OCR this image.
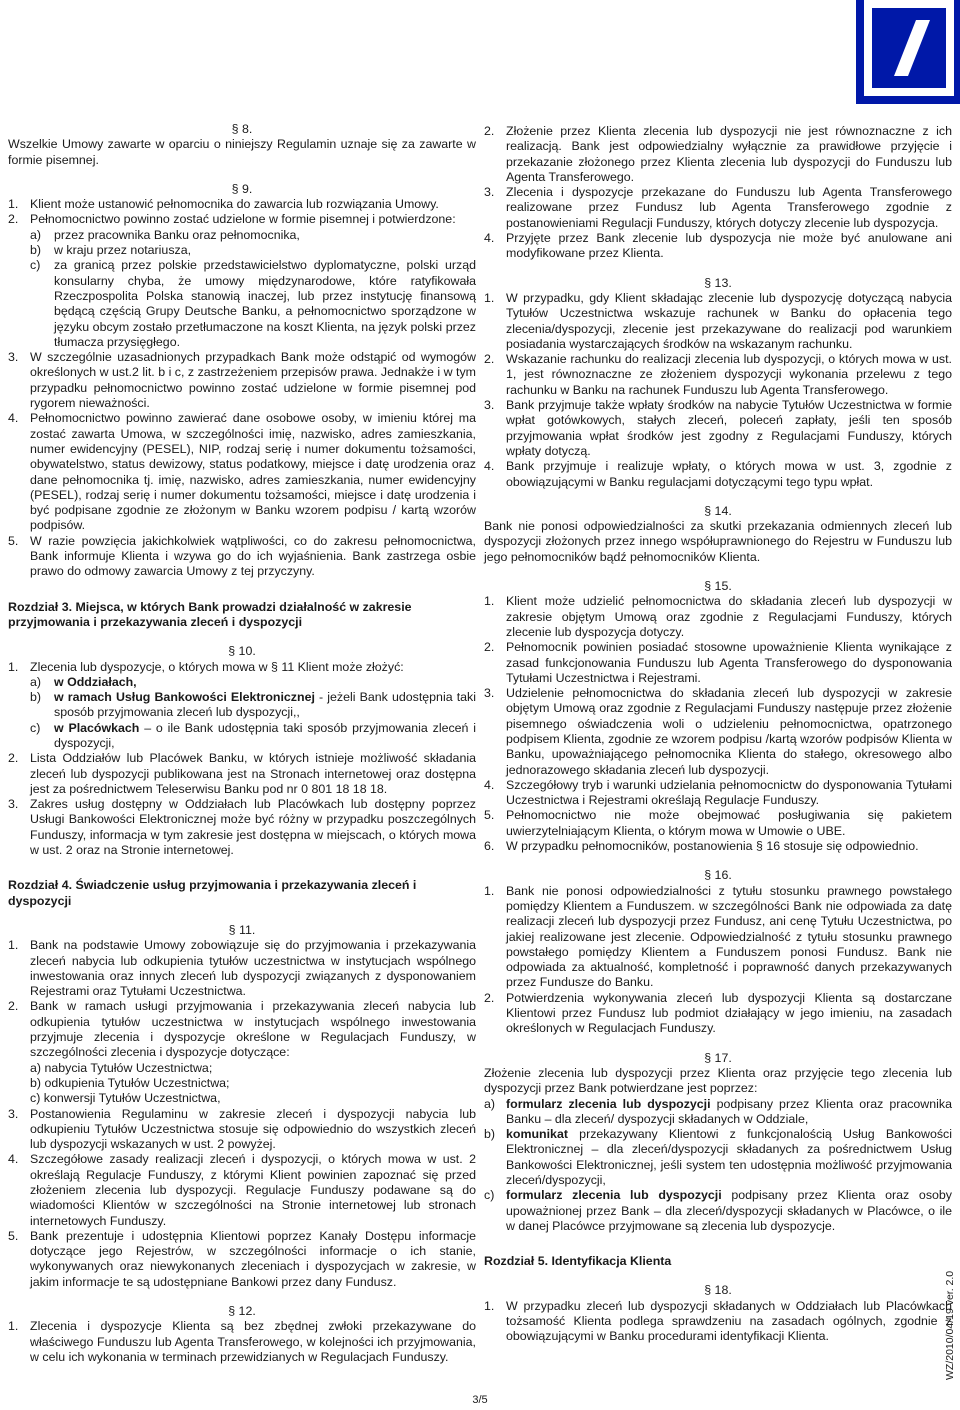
§ 8.

Wszelkie Umowy zawarte w oparciu o niniejszy Regulamin uznaje się za zawarte w formie pisemnej.

§ 9.

1. Klient może ustanowić pełnomocnika do zawarcia lub rozwiązania Umowy.

2. Pełnomocnictwo powinno zostać udzielone w formie pisemnej i potwierdzone:

a) przez pracownika Banku oraz pełnomocnika,

b) w kraju przez notariusza,

c) za granicą przez polskie przedstawicielstwo dyplomatyczne, polski urząd konsularny chyba, że umowy międzynarodowe, które ratyfikowała Rzeczpospolita Polska stanowią inaczej, lub przez instytucję finansową będącą częścią Grupy Deutsche Banku, a pełnomocnictwo sporządzone w języku obcym zostało przetłumaczone na koszt Klienta, na język polski przez tłumacza przysięgłego.

3. W szczególnie uzasadnionych przypadkach Bank może odstąpić od wymogów określonych w ust.2 lit. b i c, z zastrzeżeniem przepisów prawa. Jednakże i w tym przypadku pełnomocnictwo powinno zostać udzielone w formie pisemnej pod rygorem nieważności.

4. Pełnomocnictwo powinno zawierać dane osobowe osoby, w imieniu której ma zostać zawarta Umowa, w szczególności imię, nazwisko, adres zamieszkania, numer ewidencyjny (PESEL), NIP, rodzaj serię i numer dokumentu tożsamości, obywatelstwo, status dewizowy, status podatkowy, miejsce i datę urodzenia oraz dane pełnomocnika tj. imię, nazwisko, adres zamieszkania, numer ewidencyjny (PESEL), rodzaj serię i numer dokumentu tożsamości, miejsce i datę urodzenia i być podpisane zgodnie ze złożonym w Banku wzorem podpisu / kartą wzorów podpisów.

5. W razie powzięcia jakichkolwiek wątpliwości, co do zakresu pełnomocnictwa, Bank informuje Klienta i wzywa go do ich wyjaśnienia. Bank zastrzega osbie prawo do odmowy zawarcia Umowy z tej przyczyny.

Rozdział 3. Miejsca, w których Bank prowadzi działalność w zakresie przyjmowania i przekazywania zleceń i dyspozycji

§ 10.

1. Zlecenia lub dyspozycje, o których mowa w § 11 Klient może złożyć:

a) w Oddziałach,

b) w ramach Usług Bankowości Elektronicznej - jeżeli Bank udostępnia taki sposób przyjmowania zleceń lub dyspozycji,,

c) w Placówkach – o ile Bank udostępnia taki sposób przyjmowania zleceń i dyspozycji,

2. Lista Oddziałów lub Placówek Banku, w których istnieje możliwość składania zleceń lub dyspozycji publikowana jest na Stronach internetowej oraz dostępna jest za pośrednictwem Teleserwisu Banku pod nr 0 801 18 18 18.

3. Zakres usług dostępny w Oddziałach lub Placówkach lub dostępny poprzez Usługi Bankowości Elektronicznej może być różny w przypadku poszczególnych Funduszy, informacja w tym zakresie jest dostępna w miejscach, o których mowa w ust. 2 oraz na Stronie internetowej.

Rozdział 4. Świadczenie usług przyjmowania i przekazywania zleceń i dyspozycji

§ 11.

1. Bank na podstawie Umowy zobowiązuje się do przyjmowania i przekazywania zleceń nabycia lub odkupienia tytułów uczestnictwa w instytucjach wspólnego inwestowania oraz innych zleceń lub dyspozycji związanych z dysponowaniem Rejestrami oraz Tytułami Uczestnictwa.

2. Bank w ramach usługi przyjmowania i przekazywania zleceń nabycia lub odkupienia tytułów uczestnictwa w instytucjach wspólnego inwestowania przyjmuje zlecenia i dyspozycje określone w Regulacjach Funduszy, w szczególności zlecenia i dyspozycje dotyczące:

a) nabycia Tytułów Uczestnictwa;

b) odkupienia Tytułów Uczestnictwa;

c) konwersji Tytułów Uczestnictwa,

3. Postanowienia Regulaminu w zakresie zleceń i dyspozycji nabycia lub odkupieniu Tytułów Uczestnictwa stosuje się odpowiednio do wszystkich zleceń lub dyspozycji wskazanych w ust. 2 powyżej.

4. Szczegółowe zasady realizacji zleceń i dyspozycji, o których mowa w ust. 2 określają Regulacje Funduszy, z którymi Klient powinien zapoznać się przed złożeniem zlecenia lub dyspozycji. Regulacje Funduszy podawane są do wiadomości Klientów w szczególności na Stronie internetowej lub stronach internetowych Funduszy.

5. Bank prezentuje i udostępnia Klientowi poprzez Kanały Dostępu informacje dotyczące jego Rejestrów, w szczególności informacje o ich stanie, wykonywanych oraz niewykonanych zleceniach i dyspozycjach w zakresie, w jakim informacje te są udostępniane Bankowi przez dany Fundusz.

§ 12.

1. Zlecenia i dyspozycje Klienta są bez zbędnej zwłoki przekazywane do właściwego Funduszu lub Agenta Transferowego, w kolejności ich przyjmowania, w celu ich wykonania w terminach przewidzianych w Regulacjach Funduszy.

2. Złożenie przez Klienta zlecenia lub dyspozycji nie jest równoznaczne z ich realizacją. Bank jest odpowiedzialny wyłącznie za prawidłowe przyjęcie i przekazanie złożonego przez Klienta zlecenia lub dyspozycji do Funduszu lub Agenta Transferowego.

3. Zlecenia i dyspozycje przekazane do Funduszu lub Agenta Transferowego realizowane przez Fundusz lub Agenta Transferowego zgodnie z postanowieniami Regulacji Funduszy, których dotyczy zlecenie lub dyspozycja.

4. Przyjęte przez Bank zlecenie lub dyspozycja nie może być anulowane ani modyfikowane przez Klienta.

§ 13.

1. W przypadku, gdy Klient składając zlecenie lub dyspozycję dotyczącą nabycia Tytułów Uczestnictwa wskazuje rachunek w Banku do opłacenia tego zlecenia/dyspozycji, zlecenie jest przekazywane do realizacji pod warunkiem posiadania wystarczających środków na wskazanym rachunku.

2. Wskazanie rachunku do realizacji zlecenia lub dyspozycji, o których mowa w ust. 1, jest równoznaczne ze złożeniem dyspozycji wykonania przelewu z tego rachunku w Banku na rachunek Funduszu lub Agenta Transferowego.

3. Bank przyjmuje także wpłaty środków na nabycie Tytułów Uczestnictwa w formie wpłat gotówkowych, stałych zleceń, poleceń zapłaty, jeśli ten sposób przyjmowania wpłat środków jest zgodny z Regulacjami Funduszy, których wpłaty dotyczą.

4. Bank przyjmuje i realizuje wpłaty, o których mowa w ust. 3, zgodnie z obowiązującymi w Banku regulacjami dotyczącymi tego typu wpłat.

§ 14.

Bank nie ponosi odpowiedzialności za skutki przekazania odmiennych zleceń lub dyspozycji złożonych przez innego współuprawnionego do Rejestru w Funduszu lub jego pełnomocników bądź pełnomocników Klienta.

§ 15.

1. Klient może udzielić pełnomocnictwa do składania zleceń lub dyspozycji w zakresie objętym Umową oraz zgodnie z Regulacjami Funduszy, których zlecenie lub dyspozycja dotyczy.

2. Pełnomocnik powinien posiadać stosowne upoważnienie Klienta wynikające z zasad funkcjonowania Funduszu lub Agenta Transferowego do dysponowania Tytułami Uczestnictwa i Rejestrami.

3. Udzielenie pełnomocnictwa do składania zleceń lub dyspozycji w zakresie objętym Umową oraz zgodnie z Regulacjami Funduszy następuje przez złożenie pisemnego oświadczenia woli o udzieleniu pełnomocnictwa, opatrzonego podpisem Klienta, zgodnie ze wzorem podpisu /kartą wzorów podpisów Klienta w Banku, upoważniającego pełnomocnika Klienta do stałego, okresowego albo jednorazowego składania zleceń lub dyspozycji.

4. Szczegółowy tryb i warunki udzielania pełnomocnictw do dysponowania Tytułami Uczestnictwa i Rejestrami określają Regulacje Funduszy.

5. Pełnomocnictwo nie może obejmować posługiwania się pakietem uwierzytelniającym Klienta, o którym mowa w Umowie o UBE.

6. W przypadku pełnomocników, postanowienia § 16 stosuje się odpowiednio.

§ 16.

1. Bank nie ponosi odpowiedzialności z tytułu stosunku prawnego powstałego pomiędzy Klientem a Funduszem. w szczególności Bank nie odpowiada za datę realizacji zleceń lub dyspozycji przez Fundusz, ani cenę Tytułu Uczestnictwa, po jakiej realizowane jest zlecenie. Odpowiedzialność z tytułu stosunku prawnego powstałego pomiędzy Klientem a Funduszem ponosi Fundusz. Bank nie odpowiada za aktualność, kompletność i poprawność danych przekazywanych przez Fundusze do Banku.

2. Potwierdzenia wykonywania zleceń lub dyspozycji Klienta są dostarczane Klientowi przez Fundusz lub podmiot działający w jego imieniu, na zasadach określonych w Regulacjach Funduszy.

§ 17.

Złożenie zlecenia lub dyspozycji przez Klienta oraz przyjęcie tego zlecenia lub dyspozycji przez Bank potwierdzane jest poprzez:

a) formularz zlecenia lub dyspozycji podpisany przez Klienta oraz pracownika Banku – dla zleceń/ dyspozycji składanych w Oddziale,

b) komunikat przekazywany Klientowi z funkcjonalością Usług Bankowości Elektronicznej – dla zleceń/dyspozycji składanych za pośrednictwem Usług Bankowości Elektronicznej, jeśli system ten udostępnia możliwość przyjmowania zleceń/dyspozycji,

c) formularz zlecenia lub dyspozycji podpisany przez Klienta oraz osoby upoważnionej przez Bank – dla zleceń/dyspozycji składanych w Placówce, o ile w danej Placówce przyjmowane są zlecenia lub dyspozycje.

Rozdział 5. Identyfikacja Klienta

§ 18.

1. W przypadku zleceń lub dyspozycji składanych w Oddziałach lub Placówkach tożsamość Klienta podlega sprawdzeniu na zasadach ogólnych, zgodnie z obowiązującymi w Banku procedurami identyfikacji Klienta.

3/5
WZ/2010/04/19 ver. 2.0
